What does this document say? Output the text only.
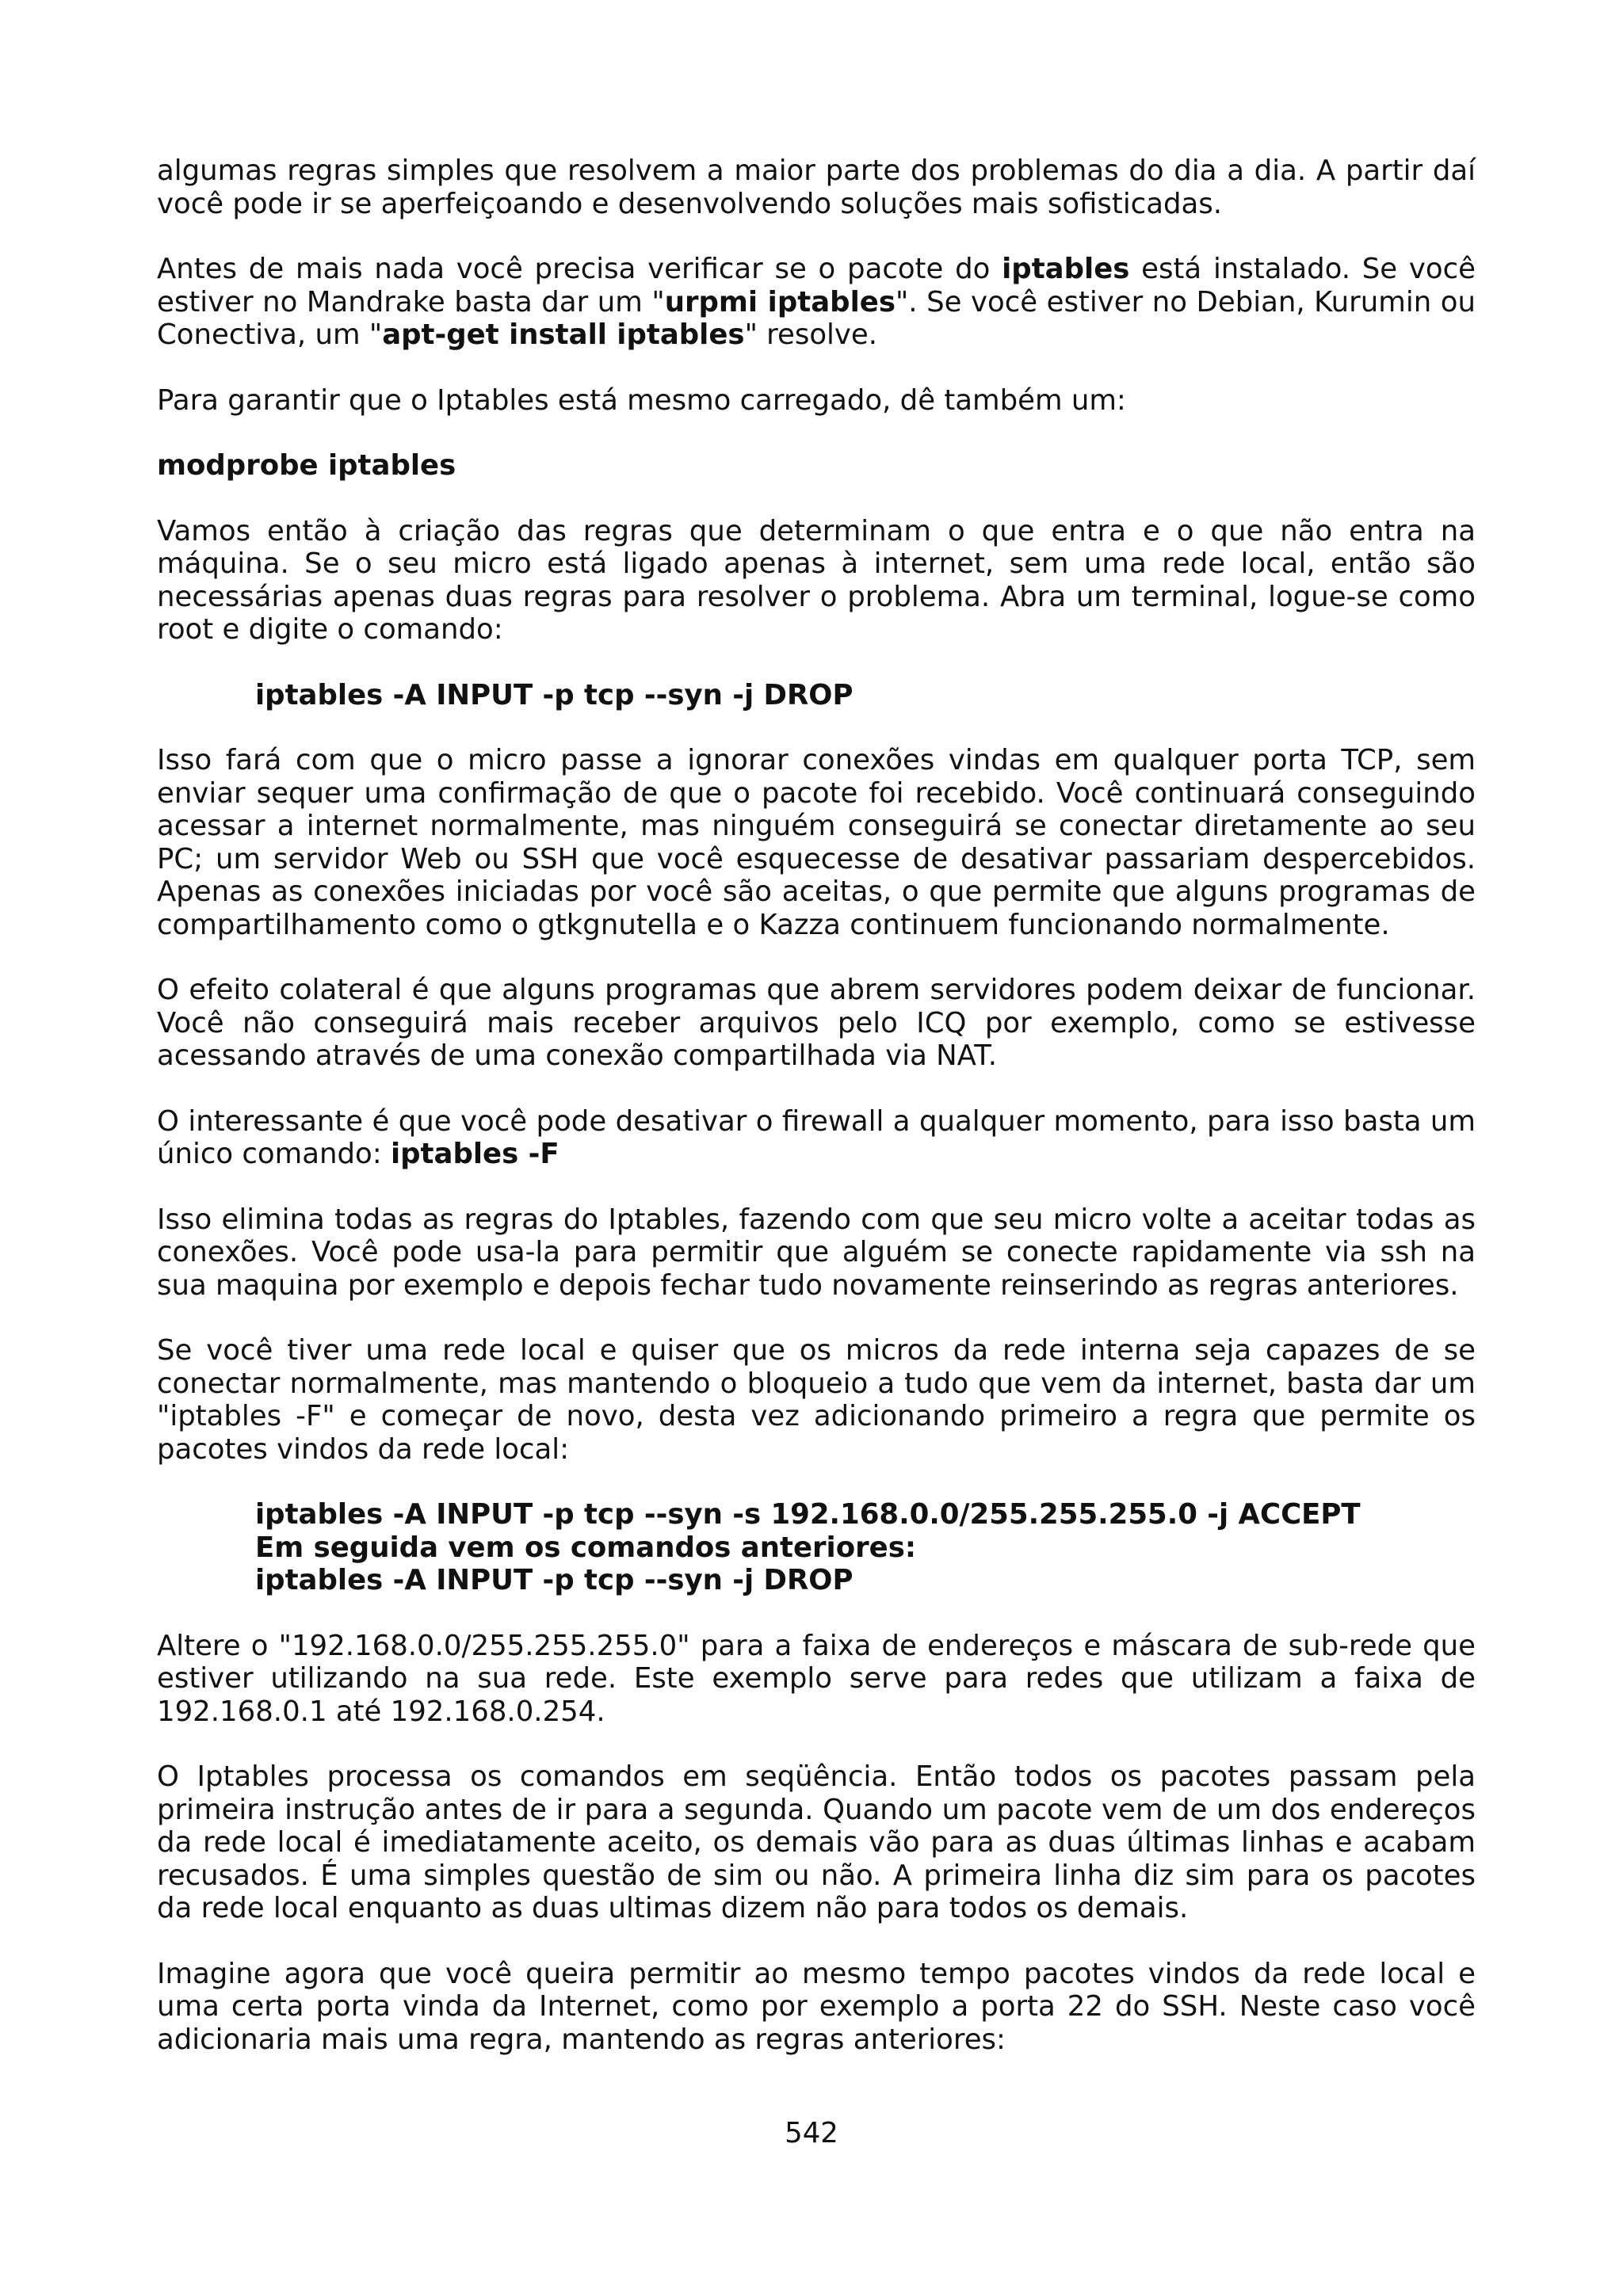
algumas regras simples que resolvem a maior parte dos problemas do dia a dia. A partir daí você pode ir se aperfeiçoando e desenvolvendo soluções mais sofisticadas.

Antes de mais nada você precisa verificar se o pacote do iptables está instalado. Se você estiver no Mandrake basta dar um "urpmi iptables". Se você estiver no Debian, Kurumin ou Conectiva, um "apt-get install iptables" resolve.

Para garantir que o Iptables está mesmo carregado, dê também um:

modprobe iptables

Vamos então à criação das regras que determinam o que entra e o que não entra na máquina. Se o seu micro está ligado apenas à internet, sem uma rede local, então são necessárias apenas duas regras para resolver o problema. Abra um terminal, logue-se como root e digite o comando:

iptables -A INPUT -p tcp --syn -j DROP

Isso fará com que o micro passe a ignorar conexões vindas em qualquer porta TCP, sem enviar sequer uma confirmação de que o pacote foi recebido. Você continuará conseguindo acessar a internet normalmente, mas ninguém conseguirá se conectar diretamente ao seu PC; um servidor Web ou SSH que você esquecesse de desativar passariam despercebidos. Apenas as conexões iniciadas por você são aceitas, o que permite que alguns programas de compartilhamento como o gtkgnutella e o Kazza continuem funcionando normalmente.

O efeito colateral é que alguns programas que abrem servidores podem deixar de funcionar. Você não conseguirá mais receber arquivos pelo ICQ por exemplo, como se estivesse acessando através de uma conexão compartilhada via NAT.

O interessante é que você pode desativar o firewall a qualquer momento, para isso basta um único comando: iptables -F

Isso elimina todas as regras do Iptables, fazendo com que seu micro volte a aceitar todas as conexões. Você pode usa-la para permitir que alguém se conecte rapidamente via ssh na sua maquina por exemplo e depois fechar tudo novamente reinserindo as regras anteriores.

Se você tiver uma rede local e quiser que os micros da rede interna seja capazes de se conectar normalmente, mas mantendo o bloqueio a tudo que vem da internet, basta dar um "iptables -F" e começar de novo, desta vez adicionando primeiro a regra que permite os pacotes vindos da rede local:

iptables -A INPUT -p tcp --syn -s 192.168.0.0/255.255.255.0 -j ACCEPT
Em seguida vem os comandos anteriores:
iptables -A INPUT -p tcp --syn -j DROP

Altere o "192.168.0.0/255.255.255.0" para a faixa de endereços e máscara de sub-rede que estiver utilizando na sua rede. Este exemplo serve para redes que utilizam a faixa de 192.168.0.1 até 192.168.0.254.

O Iptables processa os comandos em seqüência. Então todos os pacotes passam pela primeira instrução antes de ir para a segunda. Quando um pacote vem de um dos endereços da rede local é imediatamente aceito, os demais vão para as duas últimas linhas e acabam recusados. É uma simples questão de sim ou não. A primeira linha diz sim para os pacotes da rede local enquanto as duas ultimas dizem não para todos os demais.

Imagine agora que você queira permitir ao mesmo tempo pacotes vindos da rede local e uma certa porta vinda da Internet, como por exemplo a porta 22 do SSH. Neste caso você adicionaria mais uma regra, mantendo as regras anteriores:

542
